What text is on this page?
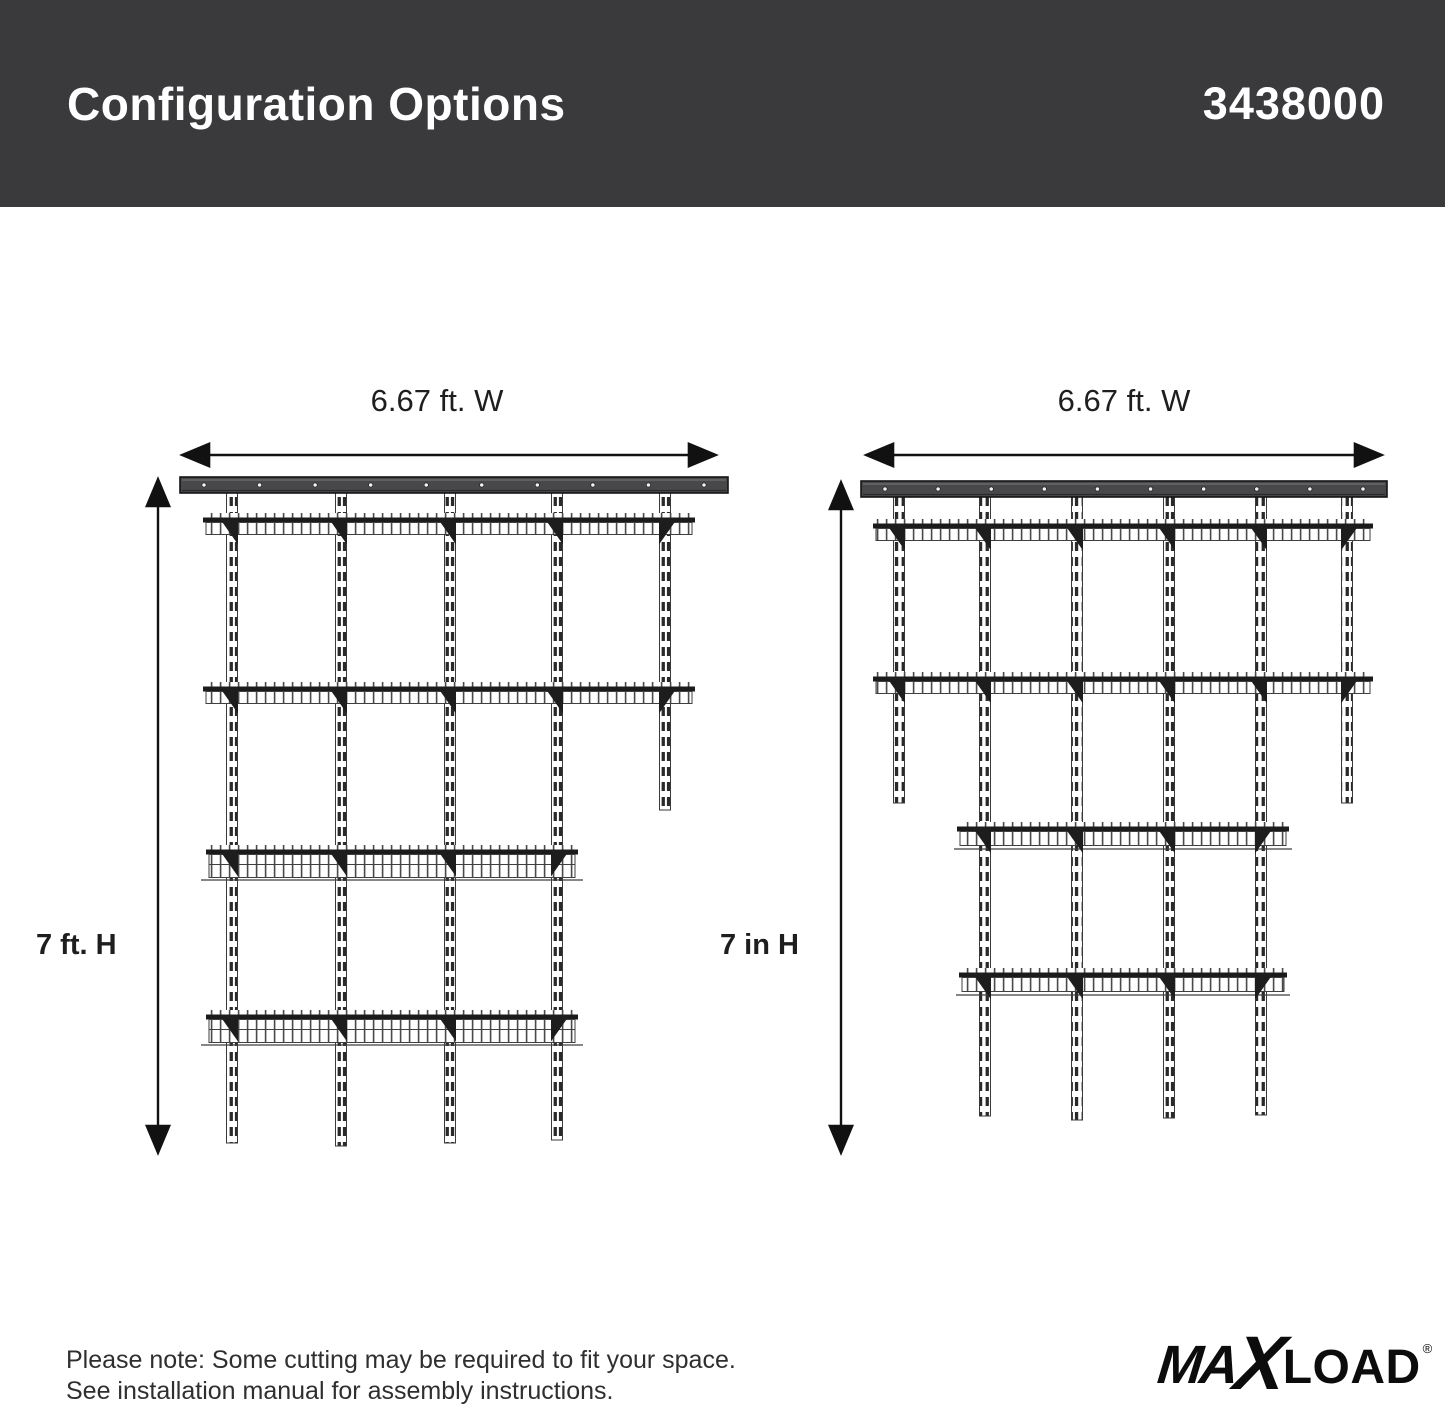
Configuration Options	3438000
6.67 ft. W	6.67 ft. W
7 ft. H	7 in H
Please note: Some cutting may be required to fit your space.
See installation manual for assembly instructions.	MA
X
LOAD ®
